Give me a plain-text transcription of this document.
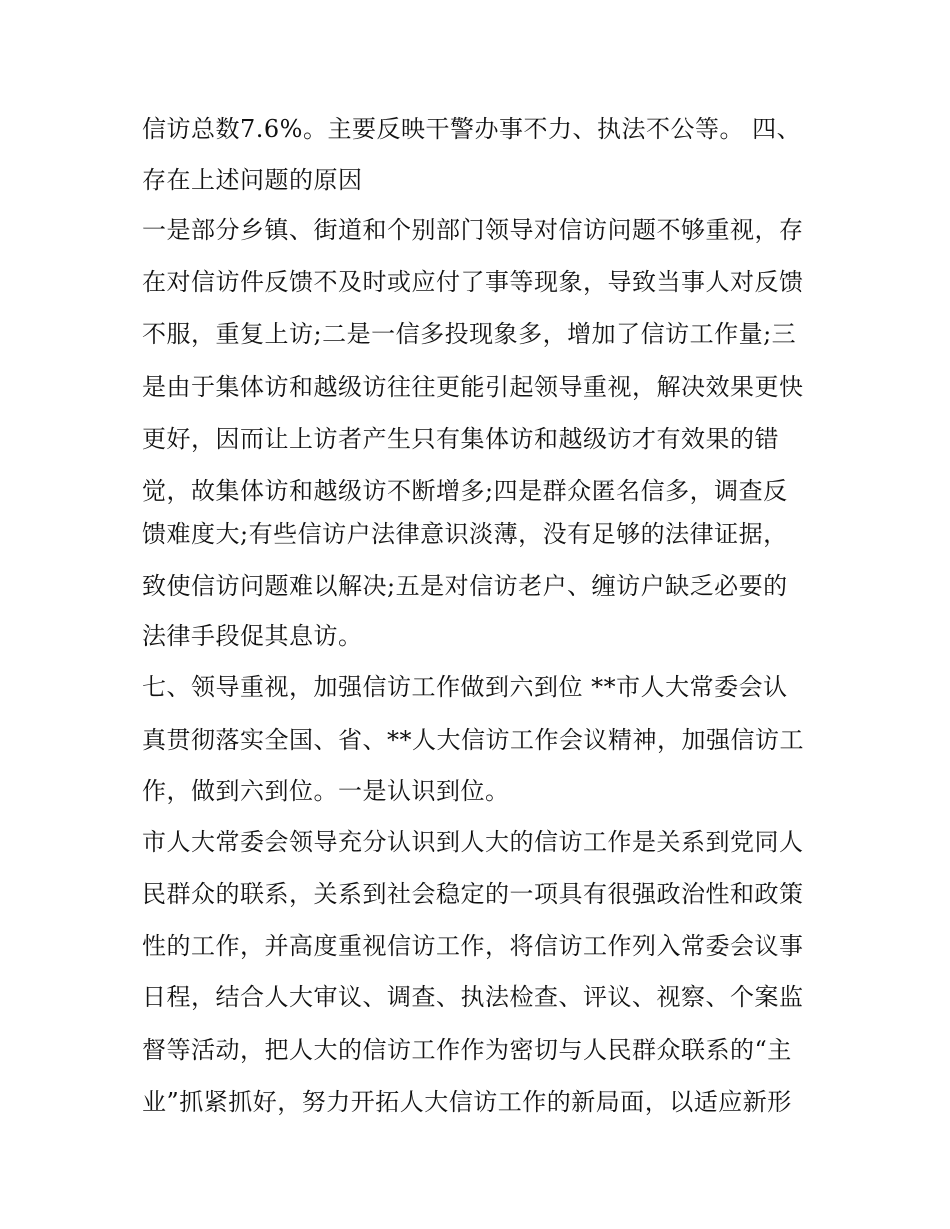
信访总数7.6%。主要反映干警办事不力、执法不公等。 四、
存在上述问题的原因
一是部分乡镇、街道和个别部门领导对信访问题不够重视，存
在对信访件反馈不及时或应付了事等现象，导致当事人对反馈
不服，重复上访;二是一信多投现象多，增加了信访工作量;三
是由于集体访和越级访往往更能引起领导重视，解决效果更快
更好，因而让上访者产生只有集体访和越级访才有效果的错
觉，故集体访和越级访不断增多;四是群众匿名信多，调查反
馈难度大;有些信访户法律意识淡薄，没有足够的法律证据，
致使信访问题难以解决;五是对信访老户、缠访户缺乏必要的
法律手段促其息访。
七、领导重视，加强信访工作做到六到位 **市人大常委会认
真贯彻落实全国、省、**人大信访工作会议精神，加强信访工
作，做到六到位。一是认识到位。
市人大常委会领导充分认识到人大的信访工作是关系到党同人
民群众的联系，关系到社会稳定的一项具有很强政治性和政策
性的工作，并高度重视信访工作，将信访工作列入常委会议事
日程，结合人大审议、调查、执法检查、评议、视察、个案监
督等活动，把人大的信访工作作为密切与人民群众联系的“主
业”抓紧抓好，努力开拓人大信访工作的新局面，以适应新形
